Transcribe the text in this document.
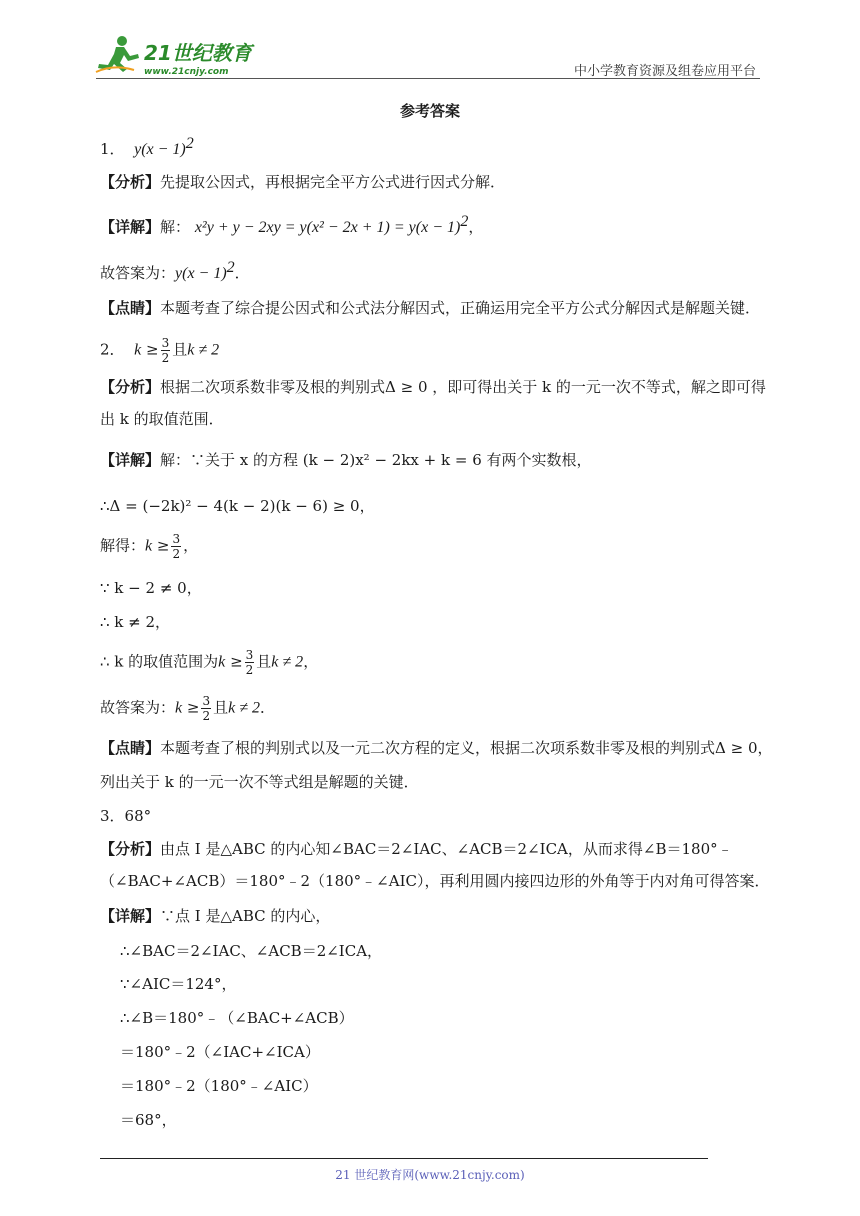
21世纪教育
www.21cnjy.com	中小学教育资源及组卷应用平台
参考答案
1． $y(x - 1)^2$
【分析】先提取公因式，再根据完全平方公式进行因式分解．
【详解】解： $x^2y + y - 2xy = y(x^2 - 2x + 1) = y(x - 1)^2$，
故答案为：$y(x - 1)^2$．
【点睛】本题考查了综合提公因式和公式法分解因式，正确运用完全平方公式分解因式是解题关键．
2． $k \ge \frac{3}{2}$ 且k ≠ 2
【分析】根据二次项系数非零及根的判别式Δ ≥ 0 ，即可得出关于 k 的一元一次不等式，解之即可得
出 k 的取值范围．
【详解】解：∵关于 x 的方程 (k − 2)x² − 2kx + k = 6 有两个实数根，
∴Δ = (−2k)² − 4(k − 2)(k − 6) ≥ 0，
解得：$k \ge \frac{3}{2}$ ，
∵ k − 2 ≠ 0，
∴ k ≠ 2，
∴ k 的取值范围为$k \ge \frac{3}{2}$ 且k ≠ 2，
故答案为：$k \ge \frac{3}{2}$ 且k ≠ 2．
【点睛】本题考查了根的判别式以及一元二次方程的定义，根据二次项系数非零及根的判别式Δ ≥ 0，
列出关于 k 的一元一次不等式组是解题的关键．
3．68°
【分析】由点 I 是△ABC 的内心知∠BAC＝2∠IAC、∠ACB＝2∠ICA，从而求得∠B＝180°﹣
（∠BAC+∠ACB）＝180°﹣2（180°﹣∠AIC），再利用圆内接四边形的外角等于内对角可得答案．
【详解】∵点 I 是△ABC 的内心，
∴∠BAC＝2∠IAC、∠ACB＝2∠ICA，
∵∠AIC＝124°，
∴∠B＝180°﹣（∠BAC+∠ACB）
＝180°﹣2（∠IAC+∠ICA）
＝180°﹣2（180°﹣∠AIC）
＝68°，
21 世纪教育网(www.21cnjy.com)
